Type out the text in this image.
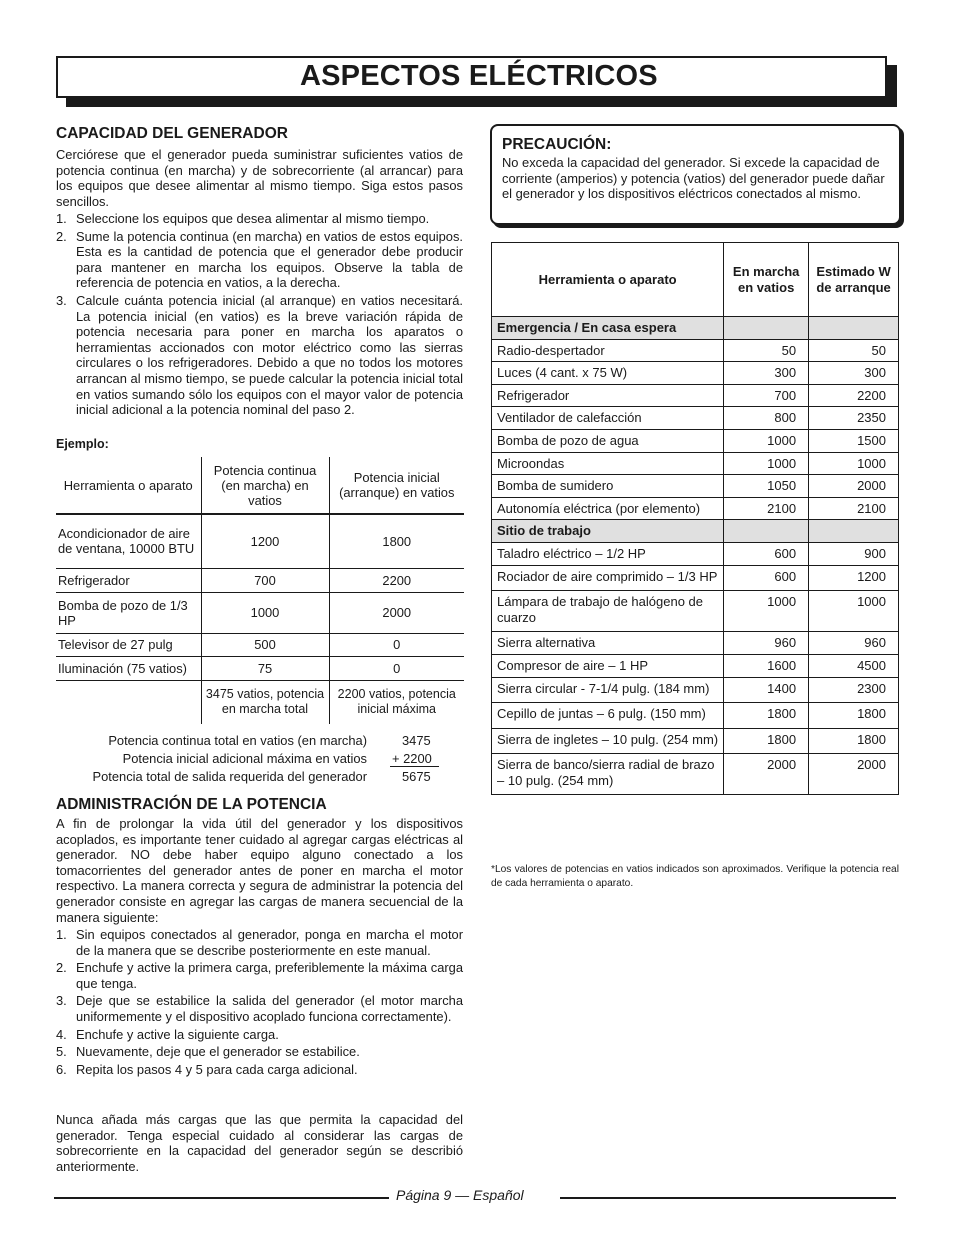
ASPECTOS ELÉCTRICOS
CAPACIDAD DEL GENERADOR
Cerciórese que el generador pueda suministrar suficientes vatios de potencia continua (en marcha) y de sobrecorriente (al arrancar) para los equipos que desee alimentar al mismo tiempo. Siga estos pasos sencillos.
1. Seleccione los equipos que desea alimentar al mismo tiempo.
2. Sume la potencia continua (en marcha) en vatios de estos equipos. Esta es la cantidad de potencia que el generador debe producir para mantener en marcha los equipos. Observe la tabla de referencia de potencia en vatios, a la derecha.
3. Calcule cuánta potencia inicial (al arranque) en vatios necesitará. La potencia inicial (en vatios) es la breve variación rápida de potencia necesaria para poner en marcha los aparatos o herramientas accionados con motor eléctrico como las sierras circulares o los refrigeradores. Debido a que no todos los motores arrancan al mismo tiempo, se puede calcular la potencia inicial total en vatios sumando sólo los equipos con el mayor valor de potencia inicial adicional a la potencia nominal del paso 2.
Ejemplo:
Herramienta o aparato	Potencia continua (en marcha) en vatios	Potencia inicial (arranque) en vatios
Acondicionador de aire de ventana, 10000 BTU	1200	1800
Refrigerador	700	2200
Bomba de pozo de 1/3 HP	1000	2000
Televisor de 27 pulg	500	0
Iluminación (75 vatios)	75	0
	3475 vatios, potencia en marcha total	2200 vatios, potencia inicial máxima
Potencia continua total en vatios (en marcha)	3475
Potencia inicial adicional máxima en vatios + 2200
Potencia total de salida requerida del generador	5675
ADMINISTRACIÓN DE LA POTENCIA
A fin de prolongar la vida útil del generador y los dispositivos acoplados, es importante tener cuidado al agregar cargas eléctricas al generador. NO debe haber equipo alguno conectado a los tomacorrientes del generador antes de poner en marcha el motor respectivo. La manera correcta y segura de administrar la potencia del generador consiste en agregar las cargas de manera secuencial de la manera siguiente:
1. Sin equipos conectados al generador, ponga en marcha el motor de la manera que se describe posteriormente en este manual.
2. Enchufe y active la primera carga, preferiblemente la máxima carga que tenga.
3. Deje que se estabilice la salida del generador (el motor marcha uniformemente y el dispositivo acoplado funciona correctamente).
4. Enchufe y active la siguiente carga.
5. Nuevamente, deje que el generador se estabilice.
6. Repita los pasos 4 y 5 para cada carga adicional.
Nunca añada más cargas que las que permita la capacidad del generador. Tenga especial cuidado al considerar las cargas de sobrecorriente en la capacidad del generador según se describió anteriormente.
PRECAUCIÓN:
No exceda la capacidad del generador. Si excede la capacidad de corriente (amperios) y potencia (vatios) del generador puede dañar el generador y los dispositivos eléctricos conectados al mismo.
Herramienta o aparato	En marcha en vatios	Estimado W de arranque
Emergencia / En casa espera		
Radio-despertador	50	50
Luces (4 cant. x 75 W)	300	300
Refrigerador	700	2200
Ventilador de calefacción	800	2350
Bomba de pozo de agua	1000	1500
Microondas	1000	1000
Bomba de sumidero	1050	2000
Autonomía eléctrica (por elemento)	2100	2100
Sitio de trabajo		
Taladro eléctrico – 1/2 HP	600	900
Rociador de aire comprimido – 1/3 HP	600	1200
Lámpara de trabajo de halógeno de cuarzo	1000	1000
Sierra alternativa	960	960
Compresor de aire – 1 HP	1600	4500
Sierra circular - 7-1/4 pulg. (184 mm)	1400	2300
Cepillo de juntas – 6 pulg. (150 mm)	1800	1800
Sierra de ingletes – 10 pulg. (254 mm)	1800	1800
Sierra de banco/sierra radial de brazo – 10 pulg. (254 mm)	2000	2000
*Los valores de potencias en vatios indicados son aproximados. Verifique la potencia real de cada herramienta o aparato.
Página 9 — Español
